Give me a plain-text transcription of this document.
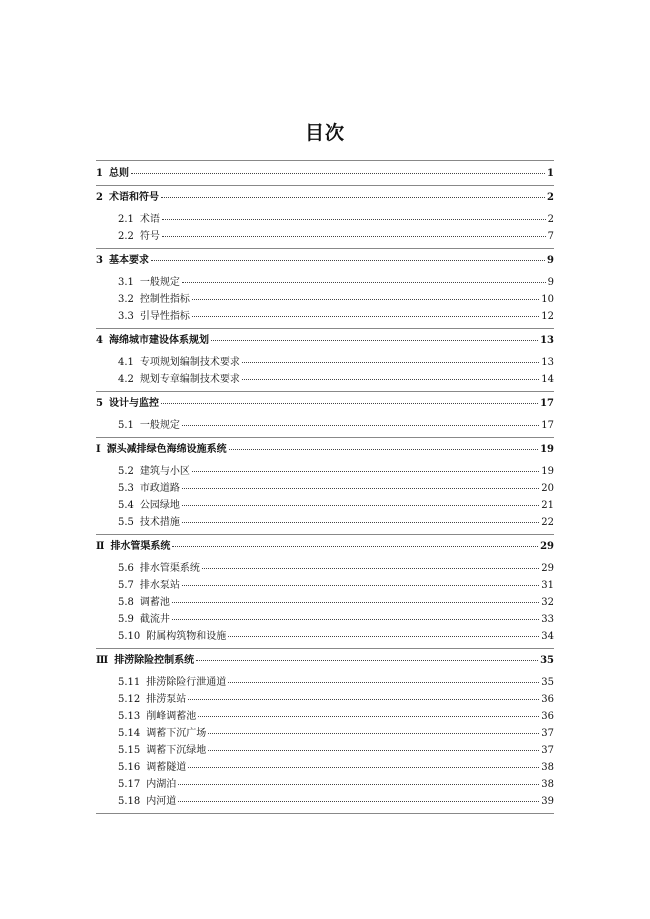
目次
1 总则	1
2 术语和符号	2
2.1 术语	2
2.2 符号	7
3 基本要求	9
3.1 一般规定	9
3.2 控制性指标	10
3.3 引导性指标	12
4 海绵城市建设体系规划	13
4.1 专项规划编制技术要求	13
4.2 规划专章编制技术要求	14
5 设计与监控	17
5.1 一般规定	17
Ⅰ 源头减排绿色海绵设施系统	19
5.2 建筑与小区	19
5.3 市政道路	20
5.4 公园绿地	21
5.5 技术措施	22
Ⅱ 排水管渠系统	29
5.6 排水管渠系统	29
5.7 排水泵站	31
5.8 调蓄池	32
5.9 截流井	33
5.10 附属构筑物和设施	34
Ⅲ 排涝除险控制系统	35
5.11 排涝除险行泄通道	35
5.12 排涝泵站	36
5.13 削峰调蓄池	36
5.14 调蓄下沉广场	37
5.15 调蓄下沉绿地	37
5.16 调蓄隧道	38
5.17 内湖泊	38
5.18 内河道	39
